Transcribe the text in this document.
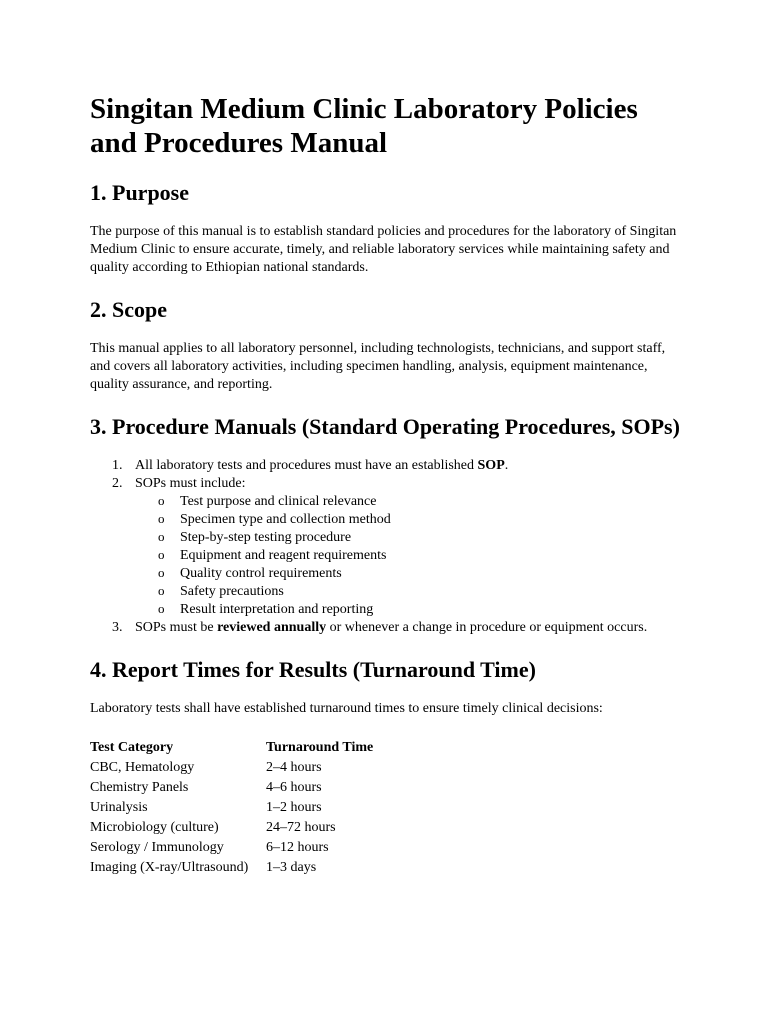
Singitan Medium Clinic Laboratory Policies and Procedures Manual
1. Purpose

The purpose of this manual is to establish standard policies and procedures for the laboratory of Singitan Medium Clinic to ensure accurate, timely, and reliable laboratory services while maintaining safety and quality according to Ethiopian national standards.

2. Scope

This manual applies to all laboratory personnel, including technologists, technicians, and support staff, and covers all laboratory activities, including specimen handling, analysis, equipment maintenance, quality assurance, and reporting.

3. Procedure Manuals (Standard Operating Procedures, SOPs)
1. All laboratory tests and procedures must have an established SOP.
2. SOPs must include:
o Test purpose and clinical relevance
o Specimen type and collection method
o Step-by-step testing procedure
o Equipment and reagent requirements
o Quality control requirements
o Safety precautions
o Result interpretation and reporting
3. SOPs must be reviewed annually or whenever a change in procedure or equipment occurs.
4. Report Times for Results (Turnaround Time)

Laboratory tests shall have established turnaround times to ensure timely clinical decisions:

Test Category	Turnaround Time
CBC, Hematology	2–4 hours
Chemistry Panels	4–6 hours
Urinalysis	1–2 hours
Microbiology (culture)	24–72 hours
Serology / Immunology	6–12 hours
Imaging (X-ray/Ultrasound)	1–3 days
